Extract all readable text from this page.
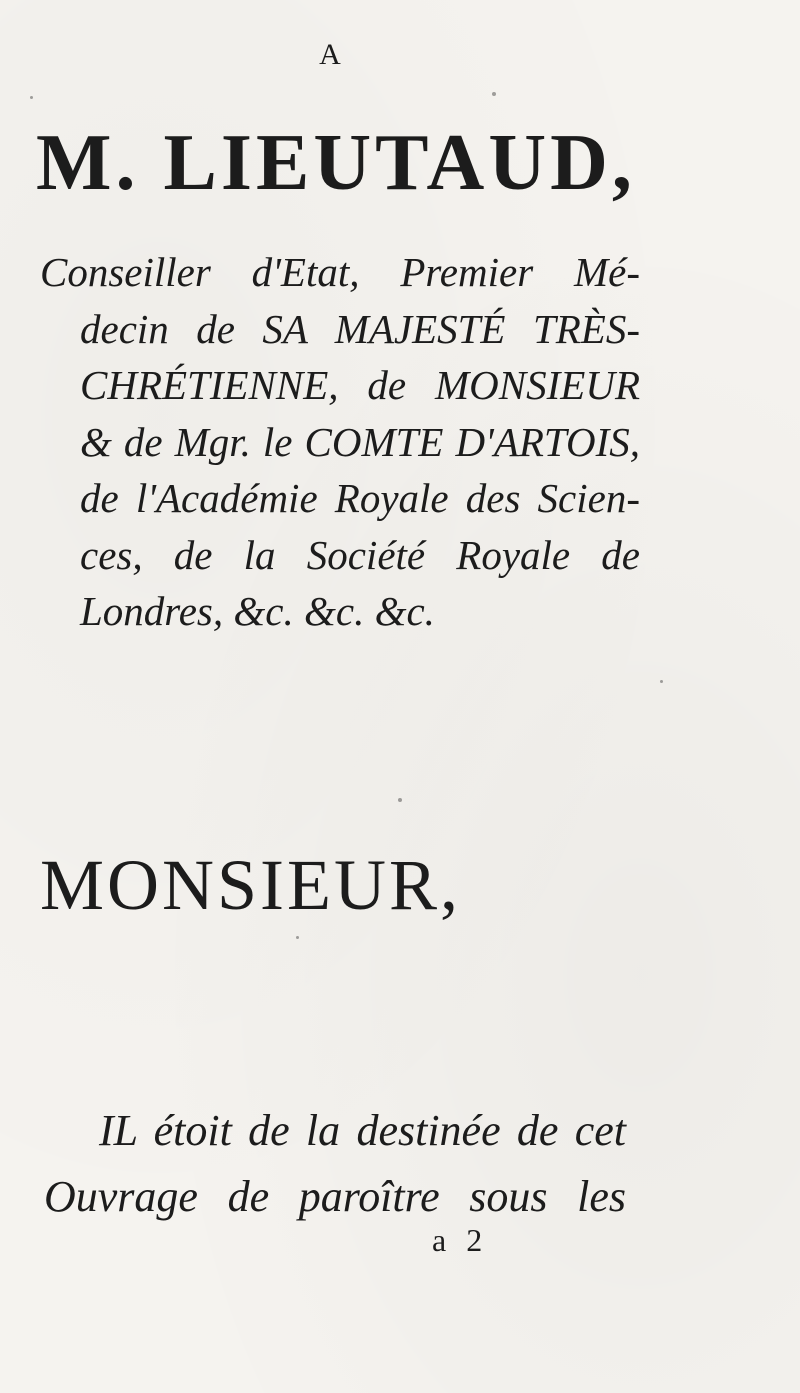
A
M. LIEUTAUD,
Conseiller d'Etat, Premier Mé-
decin de SA MAJESTÉ TRÈS-
CHRÉTIENNE, de MONSIEUR
& de Mgr. le COMTE D'ARTOIS,
de l'Académie Royale des Scien-
ces, de la Société Royale de
Londres, &c. &c. &c.
MONSIEUR,
IL étoit de la destinée de cet
Ouvrage de paroître sous les
a 2
